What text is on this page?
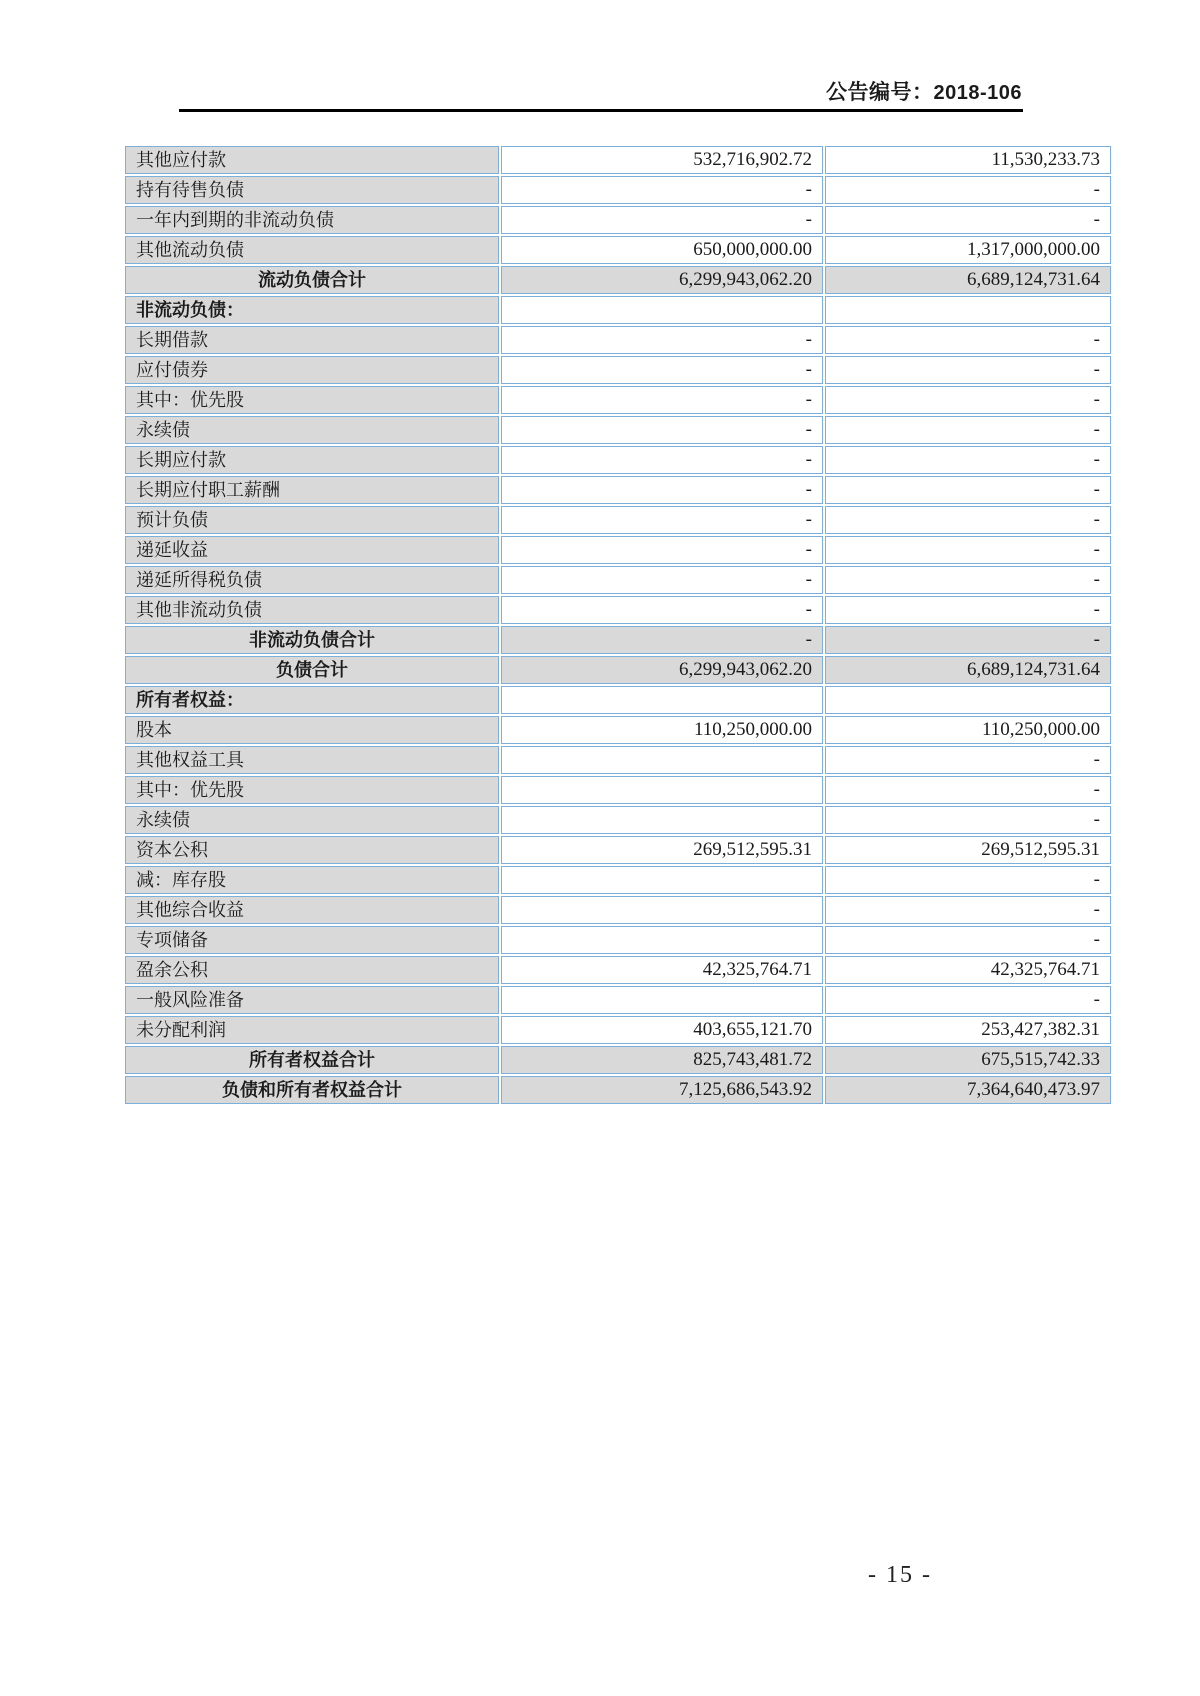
公告编号：2018-106
其他应付款	532,716,902.72	11,530,233.73
持有待售负债	-	-
一年内到期的非流动负债	-	-
其他流动负债	650,000,000.00	1,317,000,000.00
流动负债合计	6,299,943,062.20	6,689,124,731.64
非流动负债：		
长期借款	-	-
应付债券	-	-
其中：优先股	-	-
永续债	-	-
长期应付款	-	-
长期应付职工薪酬	-	-
预计负债	-	-
递延收益	-	-
递延所得税负债	-	-
其他非流动负债	-	-
非流动负债合计	-	-
负债合计	6,299,943,062.20	6,689,124,731.64
所有者权益：		
股本	110,250,000.00	110,250,000.00
其他权益工具		-
其中：优先股		-
永续债		-
资本公积	269,512,595.31	269,512,595.31
减：库存股		-
其他综合收益		-
专项储备		-
盈余公积	42,325,764.71	42,325,764.71
一般风险准备		-
未分配利润	403,655,121.70	253,427,382.31
所有者权益合计	825,743,481.72	675,515,742.33
负债和所有者权益合计	7,125,686,543.92	7,364,640,473.97
- 15 -
